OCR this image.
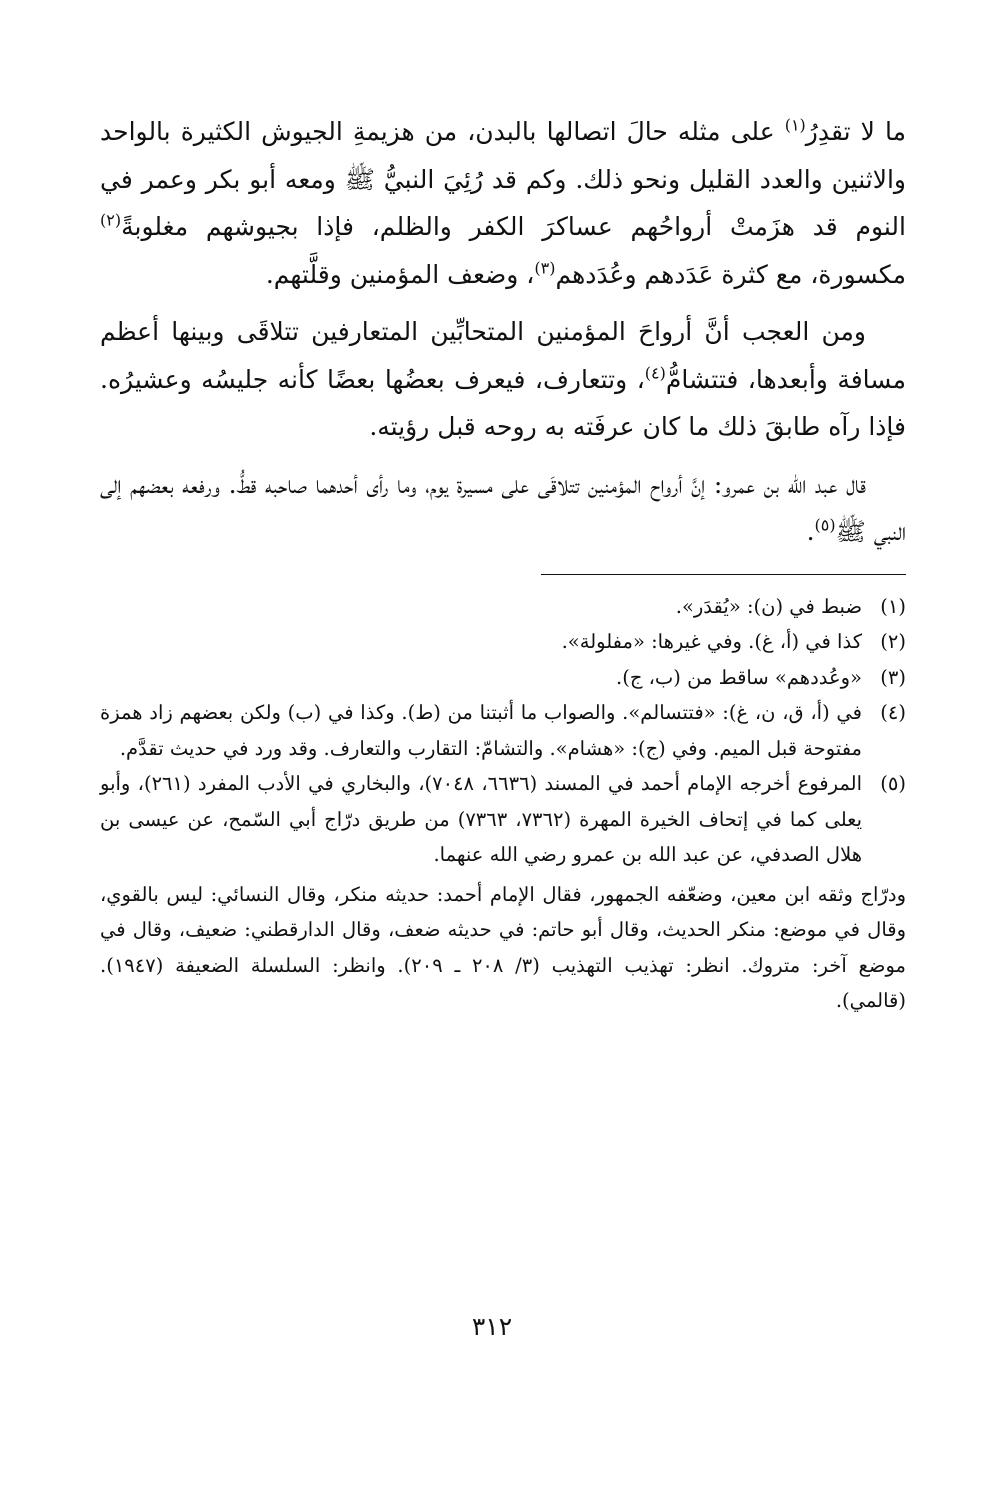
ما لا تقدِرُ$^{(١)}$ على مثله حالَ اتصالها بالبدن، من هزيمةِ الجيوش الكثيرة بالواحد والاثنين والعدد القليل ونحو ذلك. وكم قد رُئِيَ النبيُّ ﷺ ومعه أبو بكر وعمر في النوم قد هزَمتْ أرواحُهم عساكرَ الكفر والظلم، فإذا بجيوشهم مغلوبةً$^{(٢)}$ مكسورة، مع كثرة عَدَدهم وعُدَدهم$^{(٣)}$، وضعف المؤمنين وقلَّتهم.

ومن العجب أنَّ أرواحَ المؤمنين المتحابِّين المتعارفين تتلاقَى وبينها أعظم مسافة وأبعدها، فتتشامُّ$^{(٤)}$، وتتعارف، فيعرف بعضُها بعضًا كأنه جليسُه وعشيرُه. فإذا رآه طابقَ ذلك ما كان عرفَته به روحه قبل رؤيته.

قال عبد الله بن عمرو: إنَّ أرواح المؤمنين تتلاقَى على مسيرة يوم، وما رأى أحدهما صاحبه قطُّ. ورفعه بعضهم إلى النبي ﷺ$^{(٥)}$.

(١)
ضبط في (ن): «يُقدَر».
(٢)
كذا في (أ، غ). وفي غيرها: «مفلولة».
(٣)
«وعُددهم» ساقط من (ب، ج).
(٤)
في (أ، ق، ن، غ): «فتتسالم». والصواب ما أثبتنا من (ط). وكذا في (ب) ولكن بعضهم زاد همزة مفتوحة قبل الميم. وفي (ج): «هشام». والتشامّ: التقارب والتعارف. وقد ورد في حديث تقدَّم.
(٥)
المرفوع أخرجه الإمام أحمد في المسند (٦٦٣٦، ٧٠٤٨)، والبخاري في الأدب المفرد (٢٦١)، وأبو يعلى كما في إتحاف الخيرة المهرة (٧٣٦٢، ٧٣٦٣) من طريق درّاج أبي السّمح، عن عيسى بن هلال الصدفي، عن عبد الله بن عمرو رضي الله عنهما.
ودرّاج وثقه ابن معين، وضعّفه الجمهور، فقال الإمام أحمد: حديثه منكر، وقال النسائي: ليس بالقوي، وقال في موضع: منكر الحديث، وقال أبو حاتم: في حديثه ضعف، وقال الدارقطني: ضعيف، وقال في موضع آخر: متروك. انظر: تهذيب التهذيب (٣/ ٢٠٨ ـ ٢٠٩). وانظر: السلسلة الضعيفة (١٩٤٧). (قالمي).
٣١٢
